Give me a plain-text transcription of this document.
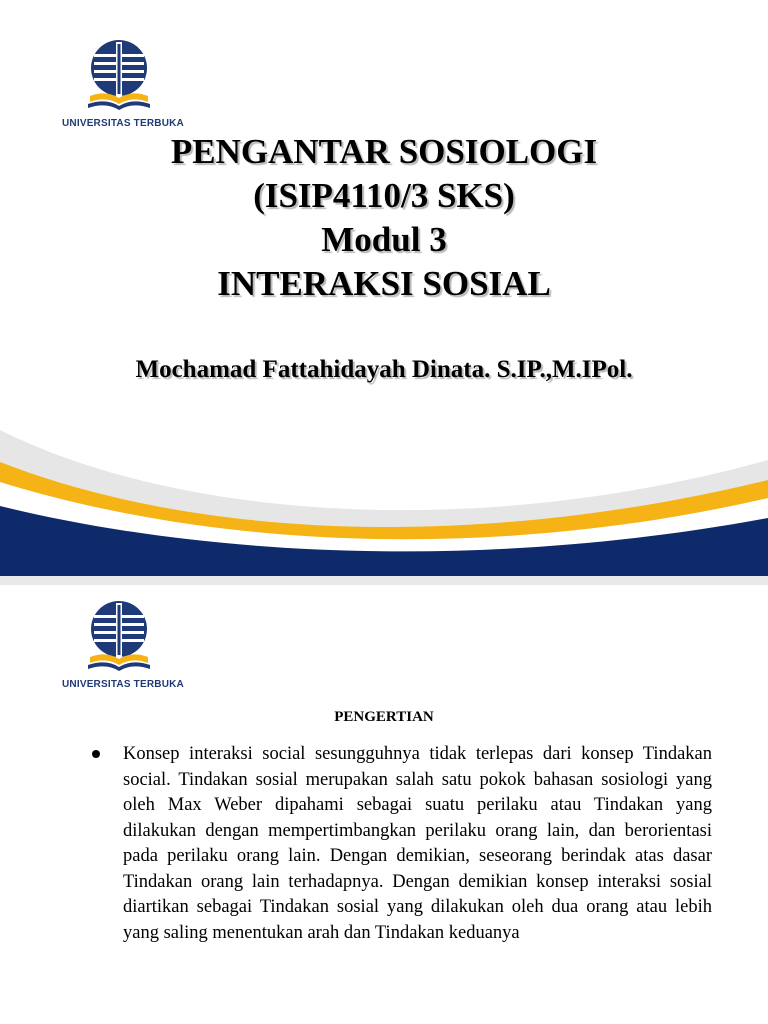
UNIVERSITAS TERBUKA
PENGANTAR SOSIOLOGI
(ISIP4110/3 SKS)
Modul 3
INTERAKSI SOSIAL
Mochamad Fattahidayah Dinata. S.IP.,M.IPol.
UNIVERSITAS TERBUKA
PENGERTIAN
Konsep interaksi social sesungguhnya tidak terlepas dari konsep Tindakan social. Tindakan sosial merupakan salah satu pokok bahasan sosiologi yang oleh Max Weber dipahami sebagai suatu perilaku atau Tindakan yang dilakukan dengan mempertimbangkan perilaku orang lain, dan berorientasi pada perilaku orang lain. Dengan demikian, seseorang berindak atas dasar Tindakan orang lain terhadapnya. Dengan demikian konsep interaksi sosial diartikan sebagai Tindakan sosial yang dilakukan oleh dua orang atau lebih yang saling menentukan arah dan Tindakan keduanya
